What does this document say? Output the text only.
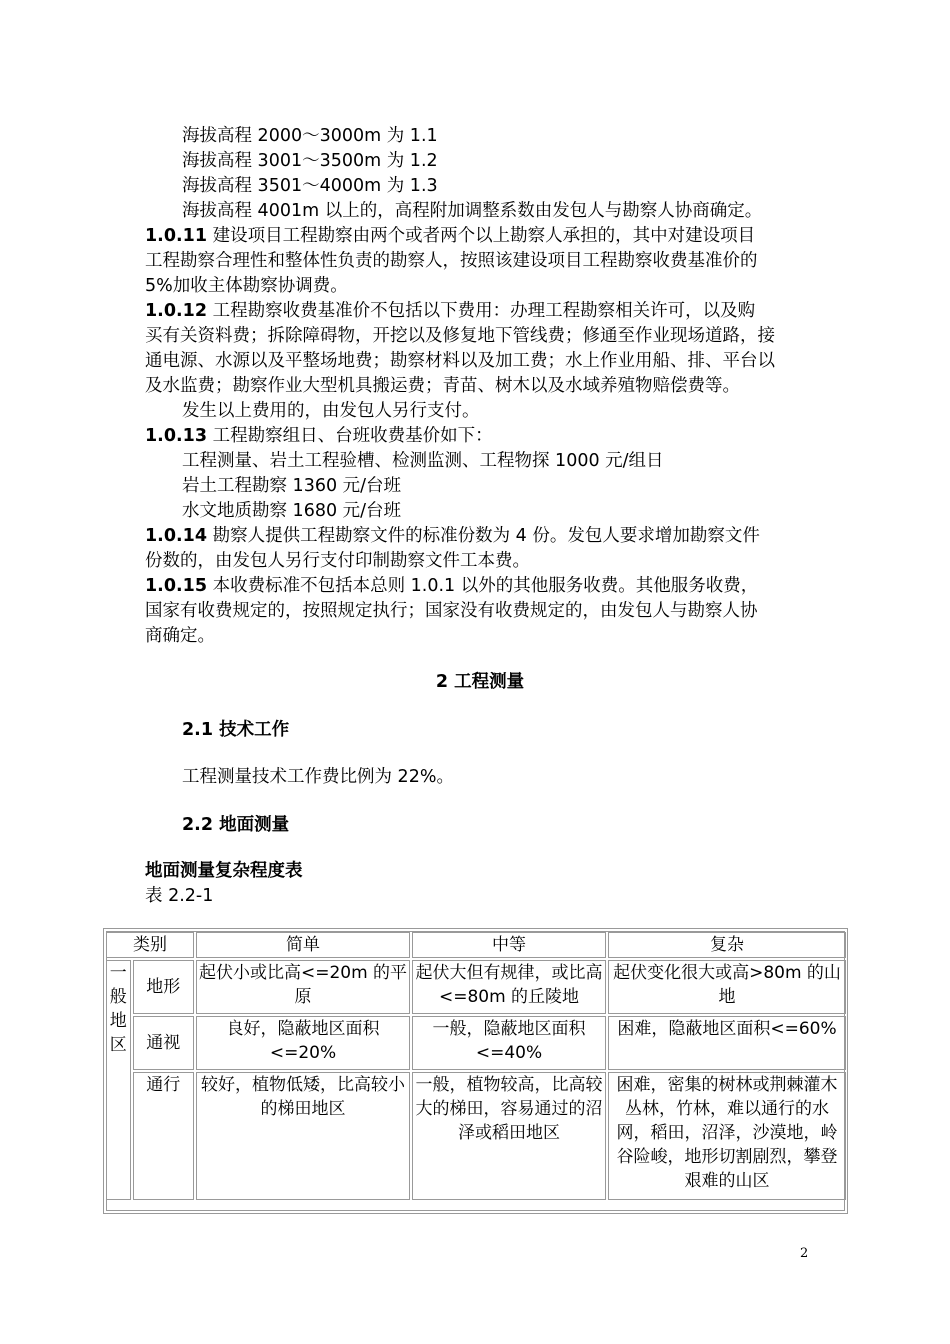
海拔高程 2000～3000m 为 1.1
海拔高程 3001～3500m 为 1.2
海拔高程 3501～4000m 为 1.3
海拔高程 4001m 以上的，高程附加调整系数由发包人与勘察人协商确定。
1.0.11 建设项目工程勘察由两个或者两个以上勘察人承担的，其中对建设项目
工程勘察合理性和整体性负责的勘察人，按照该建设项目工程勘察收费基准价的
5%加收主体勘察协调费。
1.0.12 工程勘察收费基准价不包括以下费用：办理工程勘察相关许可，以及购
买有关资料费；拆除障碍物，开挖以及修复地下管线费；修通至作业现场道路，接
通电源、水源以及平整场地费；勘察材料以及加工费；水上作业用船、排、平台以
及水监费；勘察作业大型机具搬运费；青苗、树木以及水域养殖物赔偿费等。
发生以上费用的，由发包人另行支付。
1.0.13 工程勘察组日、台班收费基价如下：
工程测量、岩土工程验槽、检测监测、工程物探 1000 元/组日
岩土工程勘察 1360 元/台班
水文地质勘察 1680 元/台班
1.0.14 勘察人提供工程勘察文件的标准份数为 4 份。发包人要求增加勘察文件
份数的，由发包人另行支付印制勘察文件工本费。
1.0.15 本收费标准不包括本总则 1.0.1 以外的其他服务收费。其他服务收费，
国家有收费规定的，按照规定执行；国家没有收费规定的，由发包人与勘察人协
商确定。
2 工程测量
2.1 技术工作
工程测量技术工作费比例为 22%。
2.2 地面测量
地面测量复杂程度表
表 2.2-1
类别		简单	中等	复杂
一般地区	地形	起伏小或比高<=20m 的平原	起伏大但有规律，或比高<=80m 的丘陵地	起伏变化很大或高>80m 的山地
	通视	良好，隐蔽地区面积<=20%	一般，隐蔽地区面积<=40%	困难，隐蔽地区面积<=60%
	通行	较好，植物低矮，比高较小的梯田地区	一般，植物较高，比高较大的梯田，容易通过的沼泽或稻田地区	困难，密集的树林或荆棘灌木丛林，竹林，难以通行的水网，稻田，沼泽，沙漠地，岭谷险峻，地形切割剧烈，攀登艰难的山区
2
